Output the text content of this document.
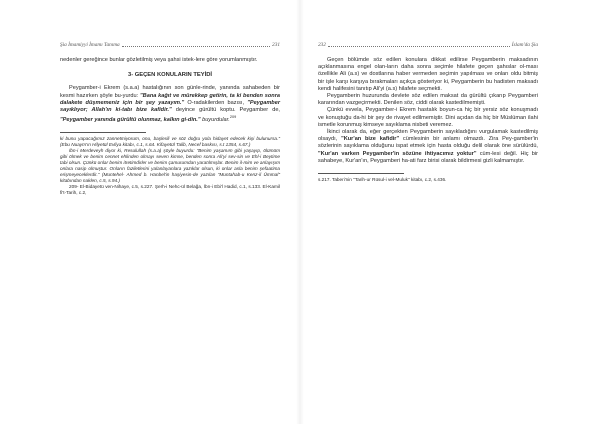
Şia İmamiyyi İmamı Tanıma	231

nedenler gereğince bunlar gözletilmiş veya şahsi istek-lere göre yorumlanmıştır.

3- GEÇEN KONULARIN TEYİDİ

Peygamber-i Ekrem (s.a.a) hastalığının son günle-rinde, yanında sahabeden bir kesmi hazırken şöyle bu-yurdu: "Bana kağıt ve mürekkep getirin, ta ki benden sonra dalakete düşmemeniz için bir şey yazayım." O-radakilerden bazısı, "Peygamber sayıklıyor; Allah'ın ki-tabı bize kafidir." deyince gürültü koptu. Peygamber de, "Peygamber yanında gürültü olunmaz, kalkın gi-din." buyurdular.$^{209}$

ki bunu yapacağımız zannetmiyorum, onu, başlerili ve söz doğru yola hidayet edecek kişi bulunursa." (Ebu Nuaym'ın Hilyetül Evliya kitabı, c.1, s.64. Kifayetül Talib, Necef baskısı, s.t 1354, s.67.)

İbn-i Merdeveyh diyor ki, Resulullah (s.a.a) şöyle buyurdu: "Benim yaşamım gibi yaşayıp, ölümüm gibi ölmek ve benim cennet ehlinden olmayı seven kimse, benden sonra Ali'yi sev-sin ve Ehl-i Beytime tabi olsun. Çünkü onlar benim itretimdirler ve benim çamurumdan yaratılmışlar. Benim il-mim ve anlayışım onlara nasip olmuştur. Onların faziletlerini yalanlayanlara yazıklar olsun, ki onlar asla benim şefaatima erişmeyeceklerdir." (Muntehel- Ahmed b. Hanbel'in haşiyesin-de yazılan "Muntahab-u Kenz-il Ümmal" kitabından naklen, c.5, s.94.)

209- El-Bidayetü ven-Nihaye, c.5, s.227. Şerh-i Nehc-ül Belağa, İbn-i Ebi'l Hadid, c.1, s.133. El-Kamil fi't-Tarih, c.2,

232	İslam'da Şia

Geçen bölümde söz edilen konulara dikkat edilirse Peygamberin maksadının açıklanmasına engel olan-ların daha sonra seçimle hilafete geçen şahıslar ol-ması özellikle Ali (a.s) ve dostlarına haber vermeden seçimin yapılması ve onları oldu bitmiş bir işle karşı karşıya bırakmaları açıkça gösteriyor ki, Peygamberin bu hadisten maksadı kendi halifesini tanıtıp Ali'yi (a.s) hilafete seçmekti.

Peygamberin huzurunda devlete söz edilen maksat da gürültü çıkarıp Peygamberi kararından vazgeçirmekti. Denilen söz, ciddi olarak kastedilmemişti.

Çünkü evvela, Peygamber-i Ekrem hastalık boyun-ca hiç bir yersiz söz konuşmadı ve konuştuğu da-hi bir şey de rivayet edilmemiştir. Dini açıdan da hiç bir Müslüman ilahi ismetle korunmuş kimseye sayıklama nisbeti veremez.

İkinci olarak da, eğer gerçekten Peygamberin sayıkladığını vurgulamak kastedilmiş olsaydı, "Kur'an bize kafidir" cümlesinin bir anlamı olmazdı. Zira Pey-gamber'in sözlerinin sayıklama olduğunu ispat etmek için hasta olduğu delil olarak öne sürülürdü, "Kur'an varken Peygamber'in sözüne ihtiyacımız yoktur" cüm-lesi değil. Hiç bir sahabeye, Kur'an'ın, Peygamberi ha-ati farz birisi olarak bildirmesi gizli kalmamıştır.

s.217. Taberi'nin "Tarih-ur Rüsul-i vel-Muluk" kitabı, c.2, s.436.
